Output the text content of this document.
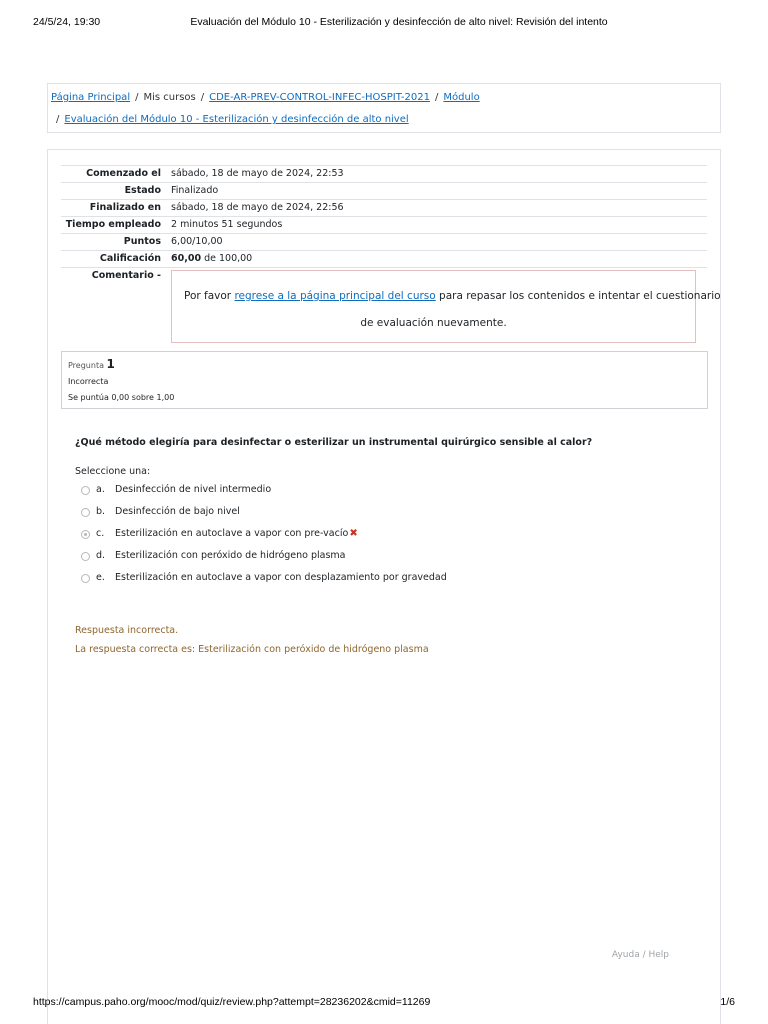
24/5/24, 19:30	Evaluación del Módulo 10 - Esterilización y desinfección de alto nivel: Revisión del intento
Página Principal / Mis cursos / CDE-AR-PREV-CONTROL-INFEC-HOSPIT-2021 / Módulo
/ Evaluación del Módulo 10 - Esterilización y desinfección de alto nivel
Comenzado el sábado, 18 de mayo de 2024, 22:53
Estado Finalizado
Finalizado en sábado, 18 de mayo de 2024, 22:56
Tiempo empleado 2 minutos 51 segundos
Puntos 6,00/10,00
Calificación 60,00 de 100,00
Comentario -
Por favor regrese a la página principal del curso para repasar los contenidos e intentar el cuestionario
de evaluación nuevamente.
Pregunta 1
Incorrecta
Se puntúa 0,00 sobre 1,00
¿Qué método elegiría para desinfectar o esterilizar un instrumental quirúrgico sensible al calor?
Seleccione una:
a. Desinfección de nivel intermedio
b. Desinfección de bajo nivel
c. Esterilización en autoclave a vapor con pre-vacío✖
d. Esterilización con peróxido de hidrógeno plasma
e. Esterilización en autoclave a vapor con desplazamiento por gravedad
Respuesta incorrecta.
La respuesta correcta es: Esterilización con peróxido de hidrógeno plasma
Ayuda / Help
https://campus.paho.org/mooc/mod/quiz/review.php?attempt=28236202&cmid=11269	1/6
